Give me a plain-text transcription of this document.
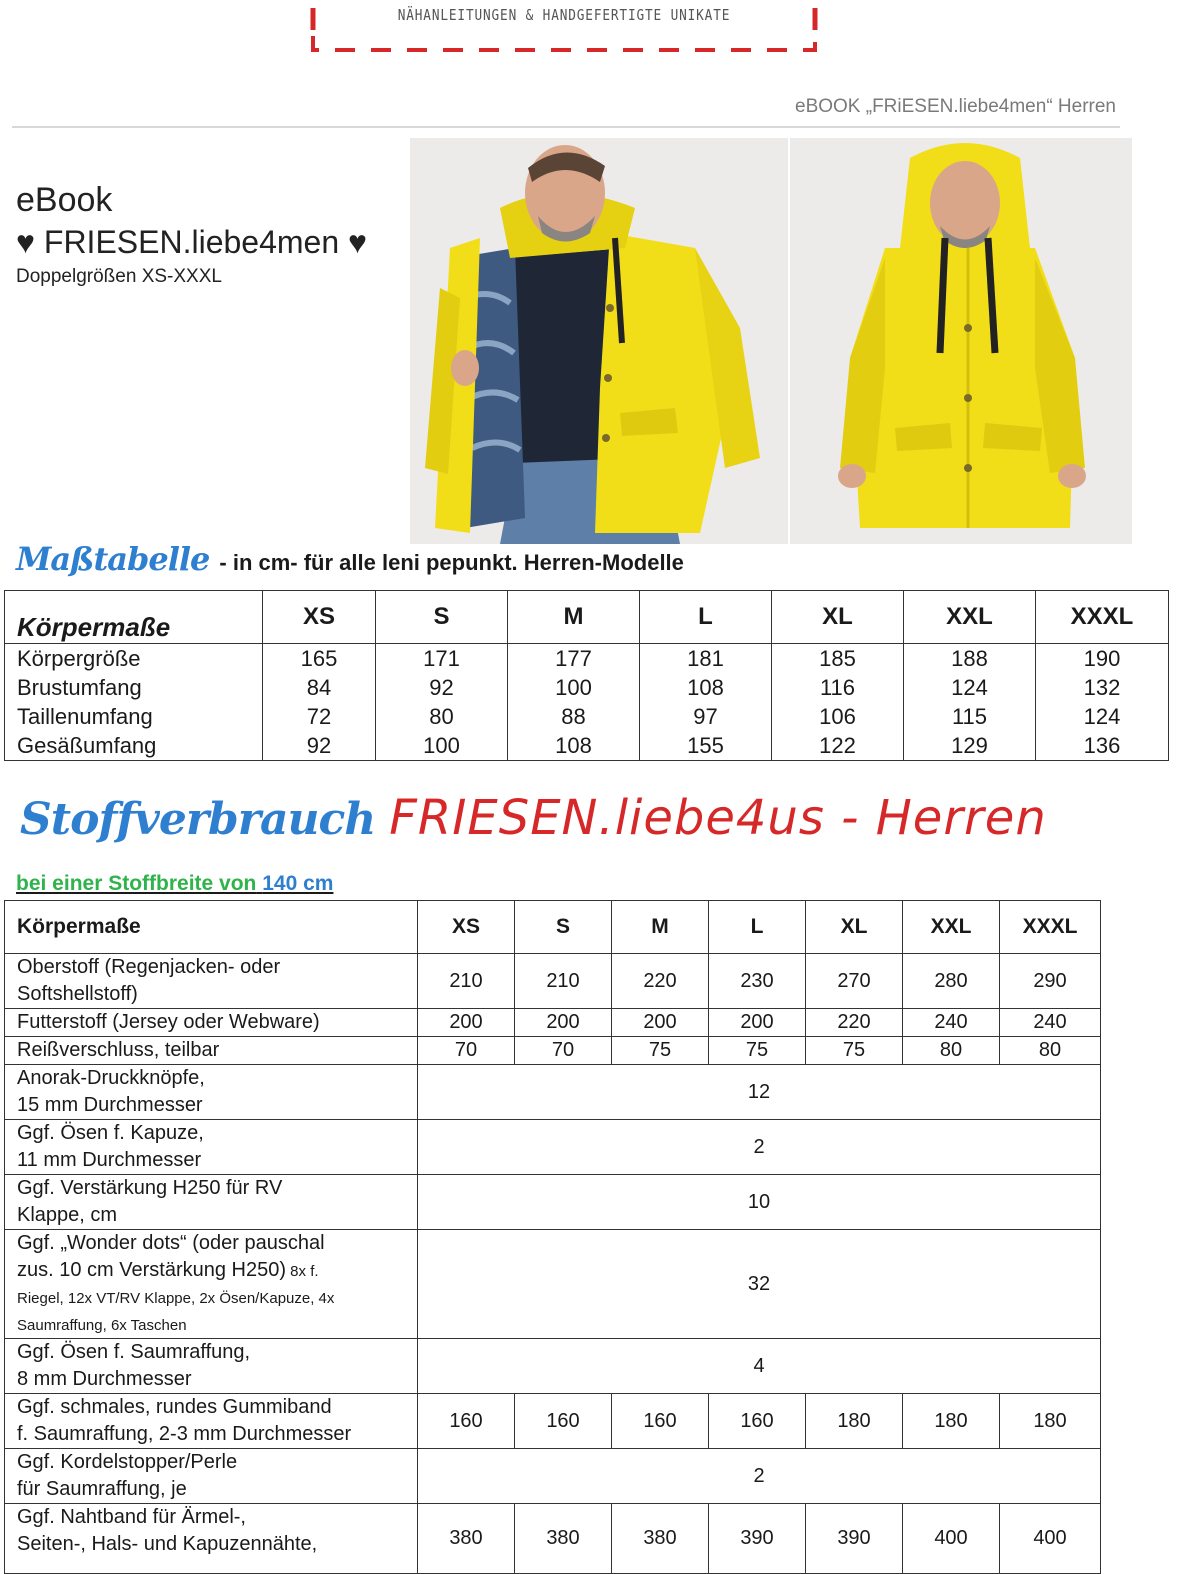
NÄHANLEITUNGEN & HANDGEFERTIGTE UNIKATE
eBOOK „FRiESEN.liebe4men“ Herren
eBook
♥ FRIESEN.liebe4men ♥
Doppelgrößen XS-XXXL
Maßtabelle - in cm- für alle leni pepunkt. Herren-Modelle
Körpermaße	XS	S	M	L	XL	XXL	XXXL
Körpergröße	165	171	177	181	185	188	190
Brustumfang	84	92	100	108	116	124	132
Taillenumfang	72	80	88	97	106	115	124
Gesäßumfang	92	100	108	155	122	129	136
Stoffverbrauch FRIESEN.liebe4us - Herren
bei einer Stoffbreite von 140 cm
Körpermaße	XS	S	M	L	XL	XXL	XXXL
Oberstoff (Regenjacken- oder
Softshellstoff)	210	210	220	230	270	280	290
Futterstoff (Jersey oder Webware)	200	200	200	200	220	240	240
Reißverschluss, teilbar	70	70	75	75	75	80	80
Anorak-Druckknöpfe,
15 mm Durchmesser	12						
Ggf. Ösen f. Kapuze,
11 mm Durchmesser	2						
Ggf. Verstärkung H250 für RV
Klappe, cm	10						
Ggf. „Wonder dots“ (oder pauschal
zus. 10 cm Verstärkung H250) 8x f.
Riegel, 12x VT/RV Klappe, 2x Ösen/Kapuze, 4x
Saumraffung, 6x Taschen	32						
Ggf. Ösen f. Saumraffung,
8 mm Durchmesser	4						
Ggf. schmales, rundes Gummiband
f. Saumraffung, 2-3 mm Durchmesser	160	160	160	160	180	180	180
Ggf. Kordelstopper/Perle
für Saumraffung, je	2						
Ggf. Nahtband für Ärmel-,
Seiten-, Hals- und Kapuzennähte,	380	380	380	390	390	400	400
